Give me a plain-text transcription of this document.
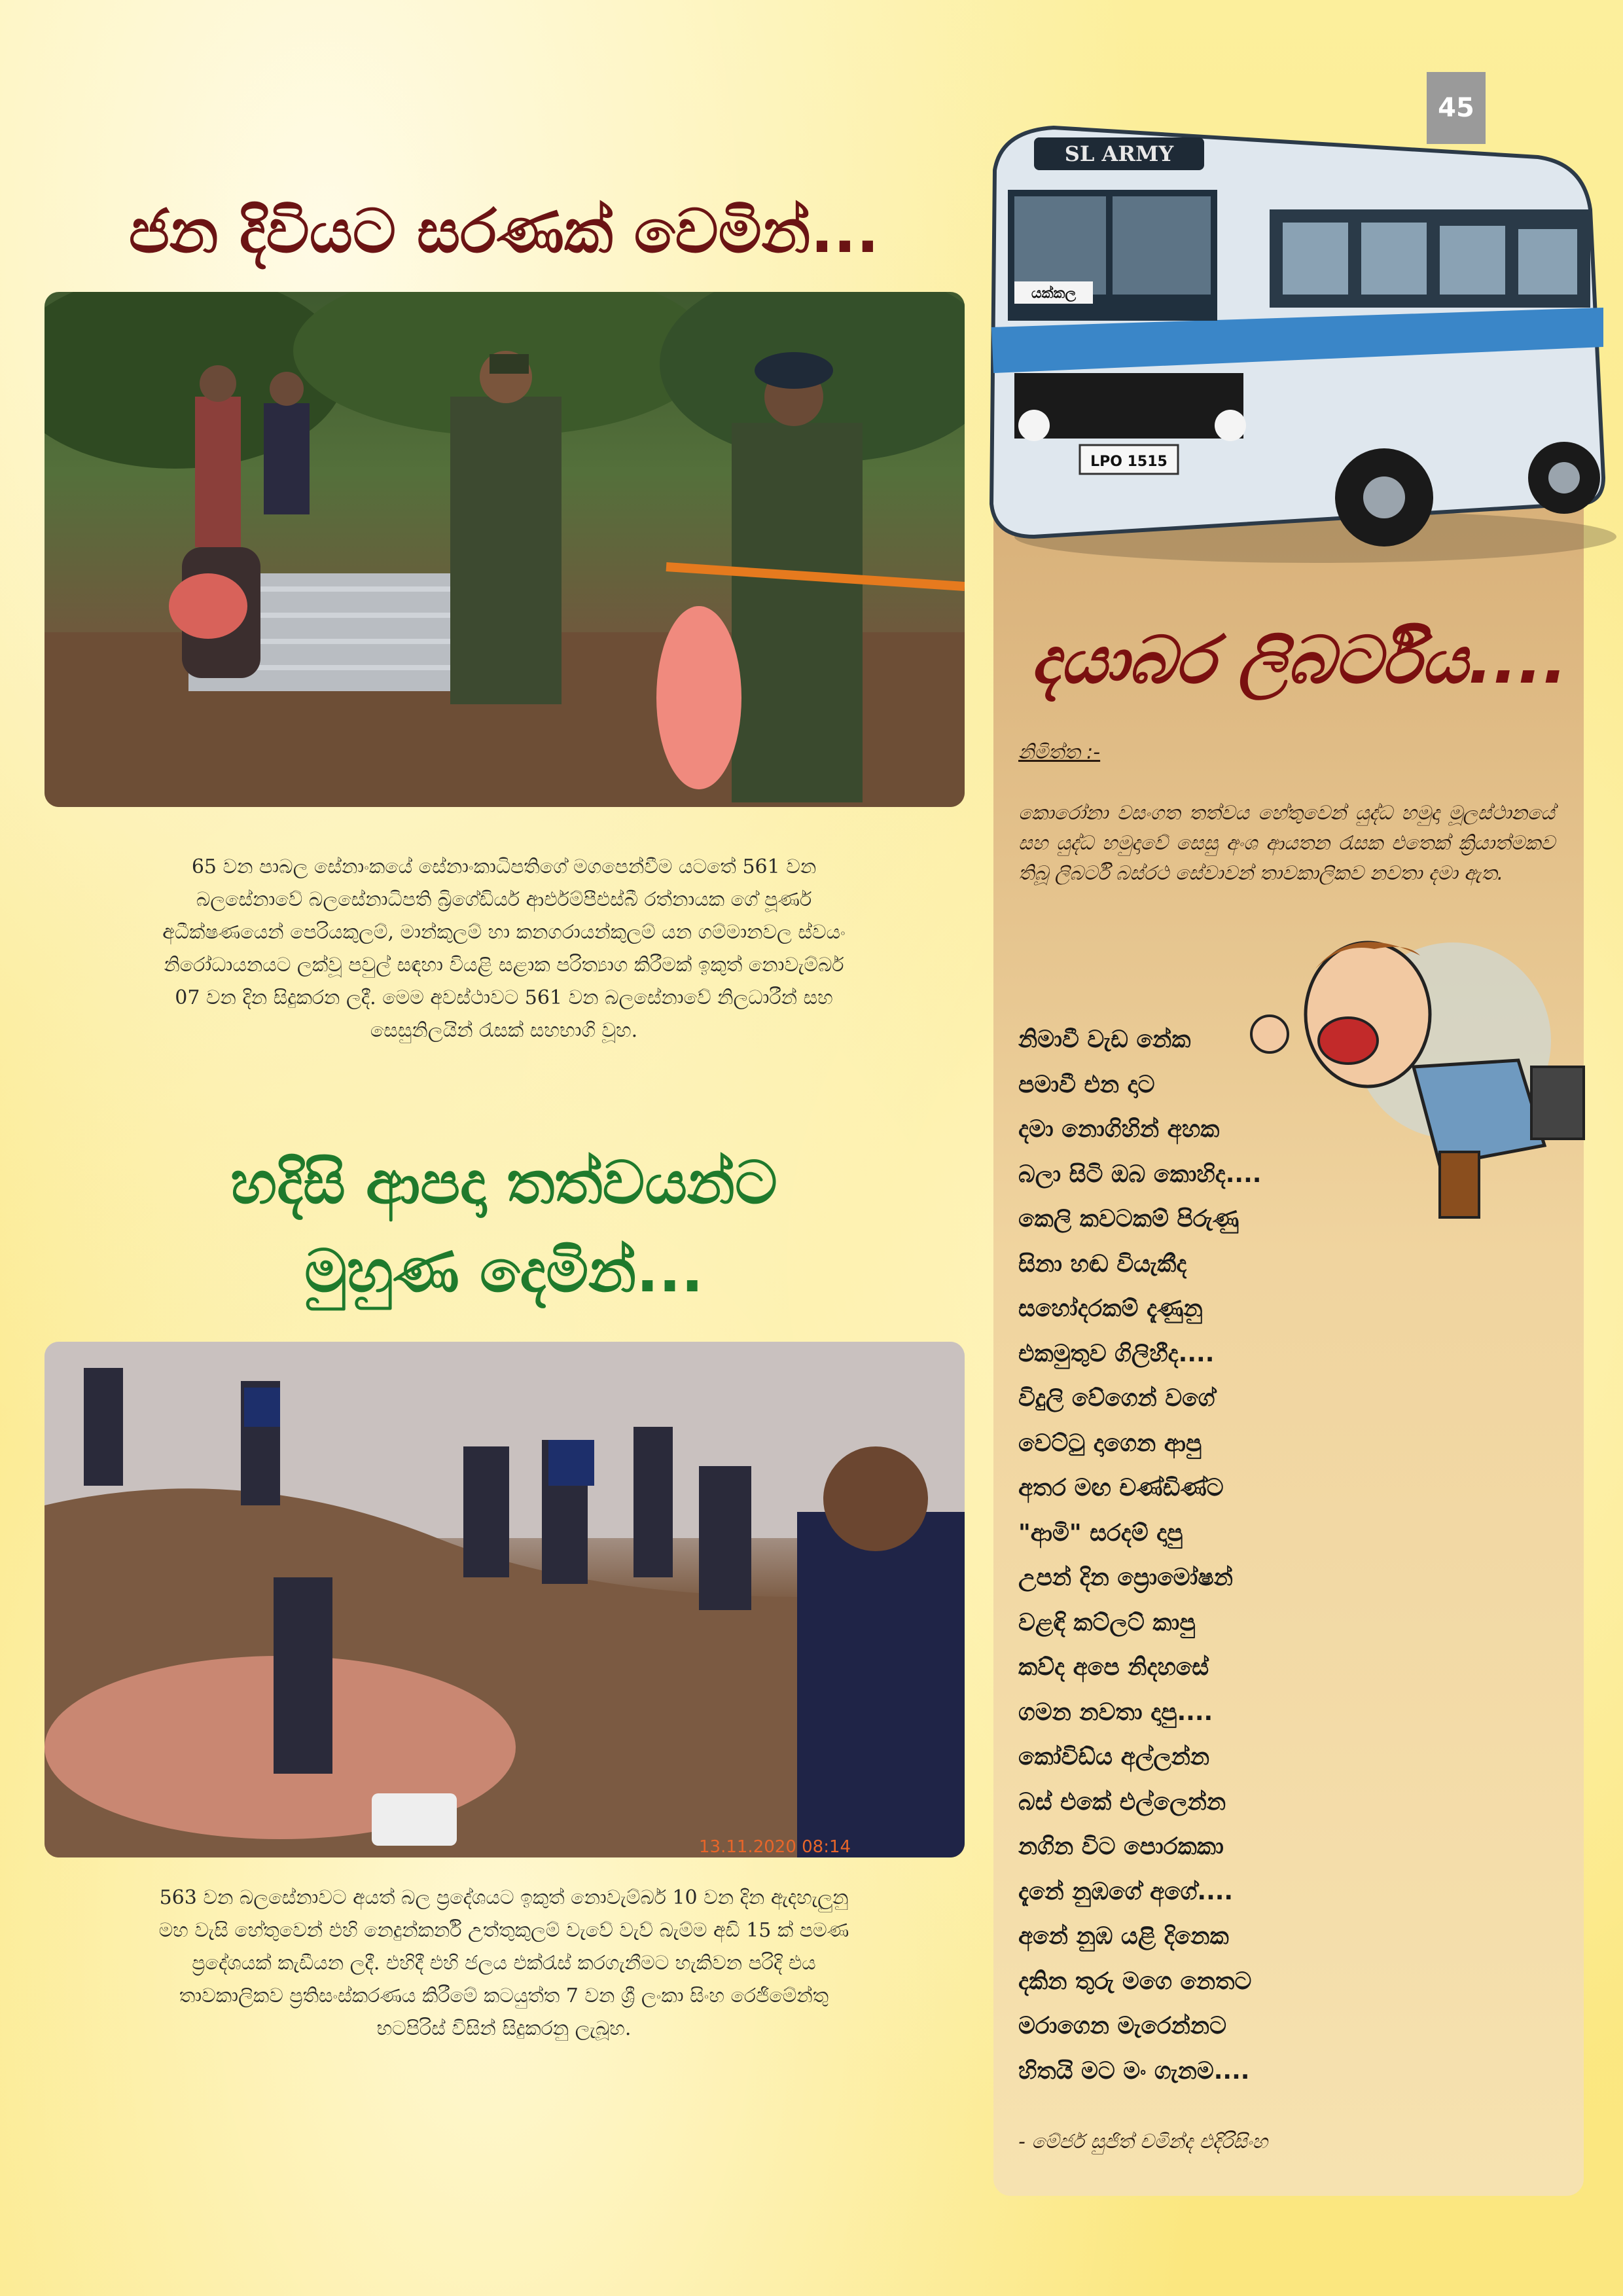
45
ජන දිවියට සරණක් වෙමින්...
65 වන පාබල සේනාංකයේ සේනාංකාධිපතිගේ මගපෙන්වීම යටතේ 561 වන බලසේනාවේ බලසේනාධිපති බ්‍රිගේඩියර් ආර්එම්පීඑස්බී රත්නායක ගේ පූර්ණ අධීක්ෂණයෙන් පෙරියකුලම්, මාන්කුලම් හා කනගරායන්කුලම් යන ගම්මානවල ස්වයං නිරෝධායනයට ලක්වූ පවුල් සඳහා වියළි සළාක පරිත්‍යාග කිරීමක් ඉකුත් නොවැම්බර් 07 වන දින සිදුකරන ලදී. මෙම අවස්ථාවට 561 වන බලසේනාවේ නිලධාරීන් සහ සෙසුනිලයින් රැසක් සහභාගි වූහ.
හදිසි ආපදා තත්වයන්ට
මුහුණ දෙමින්...
13.11.2020 08:14
563 වන බලසේනාවට අයත් බල ප්‍රදේශයට ඉකුත් නොවැම්බර් 10 වන දින ඇදහැලුනු මහ වැසි හේතුවෙන් එහි නෙදුන්කර්නි උත්තුකුලම් වැවේ වැව් බැම්ම අඩි 15 ක් පමණ ප්‍රදේශයක් කැඩීයන ලදී. එහිදී එහි ජලය එක්රැස් කරගැනීමට හැකිවන පරිදි එය තාවකාලිකව ප්‍රතිසංස්කරණය කිරීමේ කටයුත්ත 7 වන ශ්‍රී ලංකා සිංහ රෙජිමේන්තු භටපිරිස් විසින් සිදුකරනු ලැබූහ.
SL ARMY
යක්කල
LPO 1515
දයාබර ලිබර්ටිය....
නිමිත්ත :-
කොරෝනා වසංගත තත්වය හේතුවෙන් යුද්ධ හමුදා මූලස්ථානයේ සහ යුද්ධ හමුදාවේ සෙසු අංශ ආයතන රැසක එතෙක් ක්‍රියාත්මකව තිබූ ලිබර්ටි බස්රථ සේවාවන් තාවකාලිකව නවතා දමා ඇත.
නිමාවී වැඩ නේක
පමාවී එන දාට
දමා නොගිහින් අහක
බලා සිටි ඔබ කොහිද....
කෙලි කවටකම් පිරුණු
සිනා හඬ වියැකීද
සහෝදරකම් දැණුනු
එකමුතුව ගිලිහීද....
විදුලි වේගෙන් වගේ
වෙට්ටු දාගෙන ආපු
අතර මඟ චණ්ඩිණ්ට
"ආමි" සරදම් දාපු
උපන් දින ප්‍රොමෝෂන්
වළඳි කට්ලට් කාපු
කව්ද අපෙ නිදහසේ
ගමන නවතා දාපු....
කෝවිඩ්ය අල්ලන්න
බස් එකේ එල්ලෙන්න
නගින විට පොරකකා
දැනේ නුඹගේ අගේ....
අනේ නුඹ යළි දිනෙක
දකින තුරු මගෙ නෙතට
මරාගෙන මැරෙන්නට
හිතයි මට මං ගැනම....
- මේජර් සුජිත් චමින්ද එදිරිසිංහ
